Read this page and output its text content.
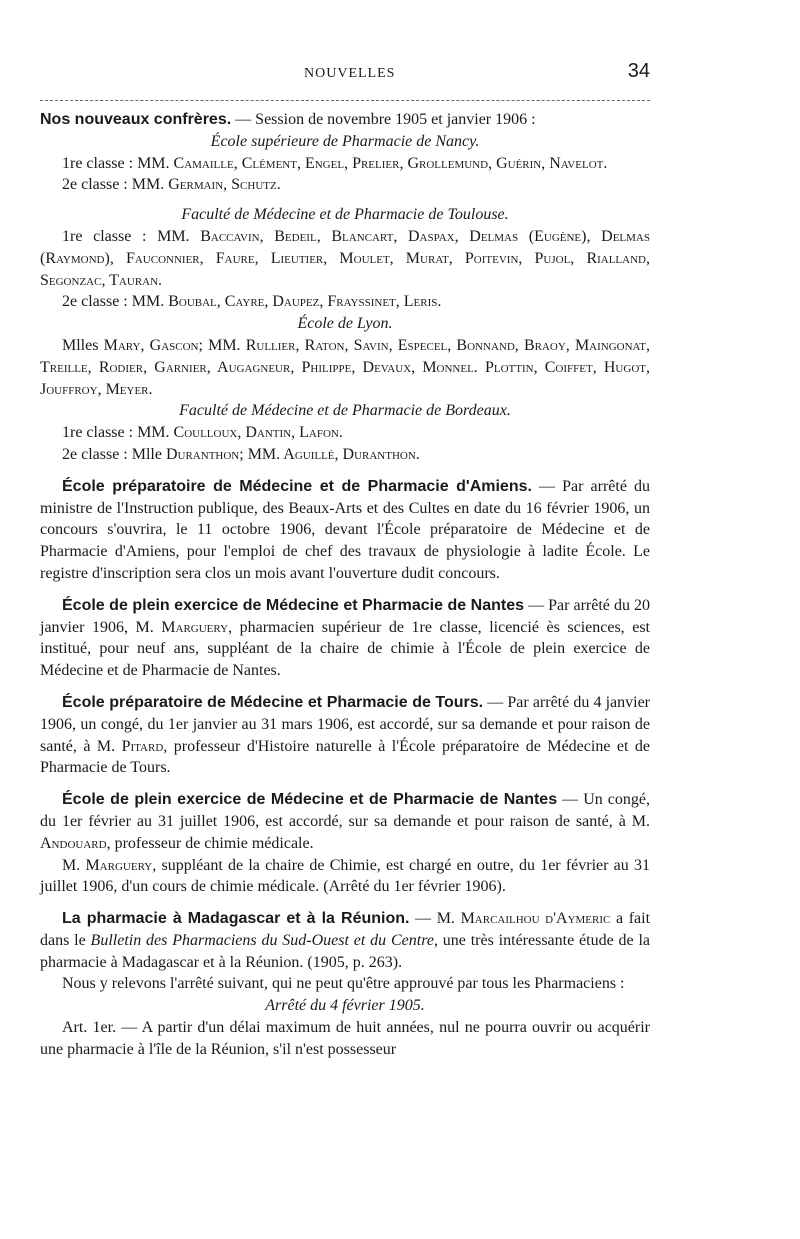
NOUVELLES	34

Nos nouveaux confrères. — Session de novembre 1905 et janvier 1906 :

École supérieure de Pharmacie de Nancy.

1re classe : MM. Camaille, Clément, Engel, Prelier, Grollemund, Guérin, Navelot.

2e classe : MM. Germain, Schutz.

Faculté de Médecine et de Pharmacie de Toulouse.

1re classe : MM. Baccavin, Bedeil, Blancart, Daspax, Delmas (Eugène), Delmas (Raymond), Fauconnier, Faure, Lieutier, Moulet, Murat, Poitevin, Pujol, Rialland, Segonzac, Tauran.

2e classe : MM. Boubal, Cayre, Daupez, Frayssinet, Leris.

École de Lyon.

Mlles Mary, Gascon; MM. Rullier, Raton, Savin, Especel, Bonnand, Braoy, Maingonat, Treille, Rodier, Garnier, Augagneur, Philippe, Devaux, Monnel. Plottin, Coiffet, Hugot, Jouffroy, Meyer.

Faculté de Médecine et de Pharmacie de Bordeaux.

1re classe : MM. Coulloux, Dantin, Lafon.

2e classe : Mlle Duranthon; MM. Aguillé, Duranthon.

École préparatoire de Médecine et de Pharmacie d'Amiens. — Par arrêté du ministre de l'Instruction publique, des Beaux-Arts et des Cultes en date du 16 février 1906, un concours s'ouvrira, le 11 octobre 1906, devant l'École préparatoire de Médecine et de Pharmacie d'Amiens, pour l'emploi de chef des travaux de physiologie à ladite École. Le registre d'inscription sera clos un mois avant l'ouverture dudit concours.

École de plein exercice de Médecine et Pharmacie de Nantes — Par arrêté du 20 janvier 1906, M. Marguery, pharmacien supérieur de 1re classe, licencié ès sciences, est institué, pour neuf ans, suppléant de la chaire de chimie à l'École de plein exercice de Médecine et de Pharmacie de Nantes.

École préparatoire de Médecine et Pharmacie de Tours. — Par arrêté du 4 janvier 1906, un congé, du 1er janvier au 31 mars 1906, est accordé, sur sa demande et pour raison de santé, à M. Pitard, professeur d'Histoire naturelle à l'École préparatoire de Médecine et de Pharmacie de Tours.

École de plein exercice de Médecine et de Pharmacie de Nantes — Un congé, du 1er février au 31 juillet 1906, est accordé, sur sa demande et pour raison de santé, à M. Andouard, professeur de chimie médicale.

M. Marguery, suppléant de la chaire de Chimie, est chargé en outre, du 1er février au 31 juillet 1906, d'un cours de chimie médicale. (Arrêté du 1er février 1906).

La pharmacie à Madagascar et à la Réunion. — M. Marcailhou d'Aymeric a fait dans le Bulletin des Pharmaciens du Sud-Ouest et du Centre, une très intéressante étude de la pharmacie à Madagascar et à la Réunion. (1905, p. 263).

Nous y relevons l'arrêté suivant, qui ne peut qu'être approuvé par tous les Pharmaciens :

Arrêté du 4 février 1905.

Art. 1er. — A partir d'un délai maximum de huit années, nul ne pourra ouvrir ou acquérir une pharmacie à l'île de la Réunion, s'il n'est possesseur
